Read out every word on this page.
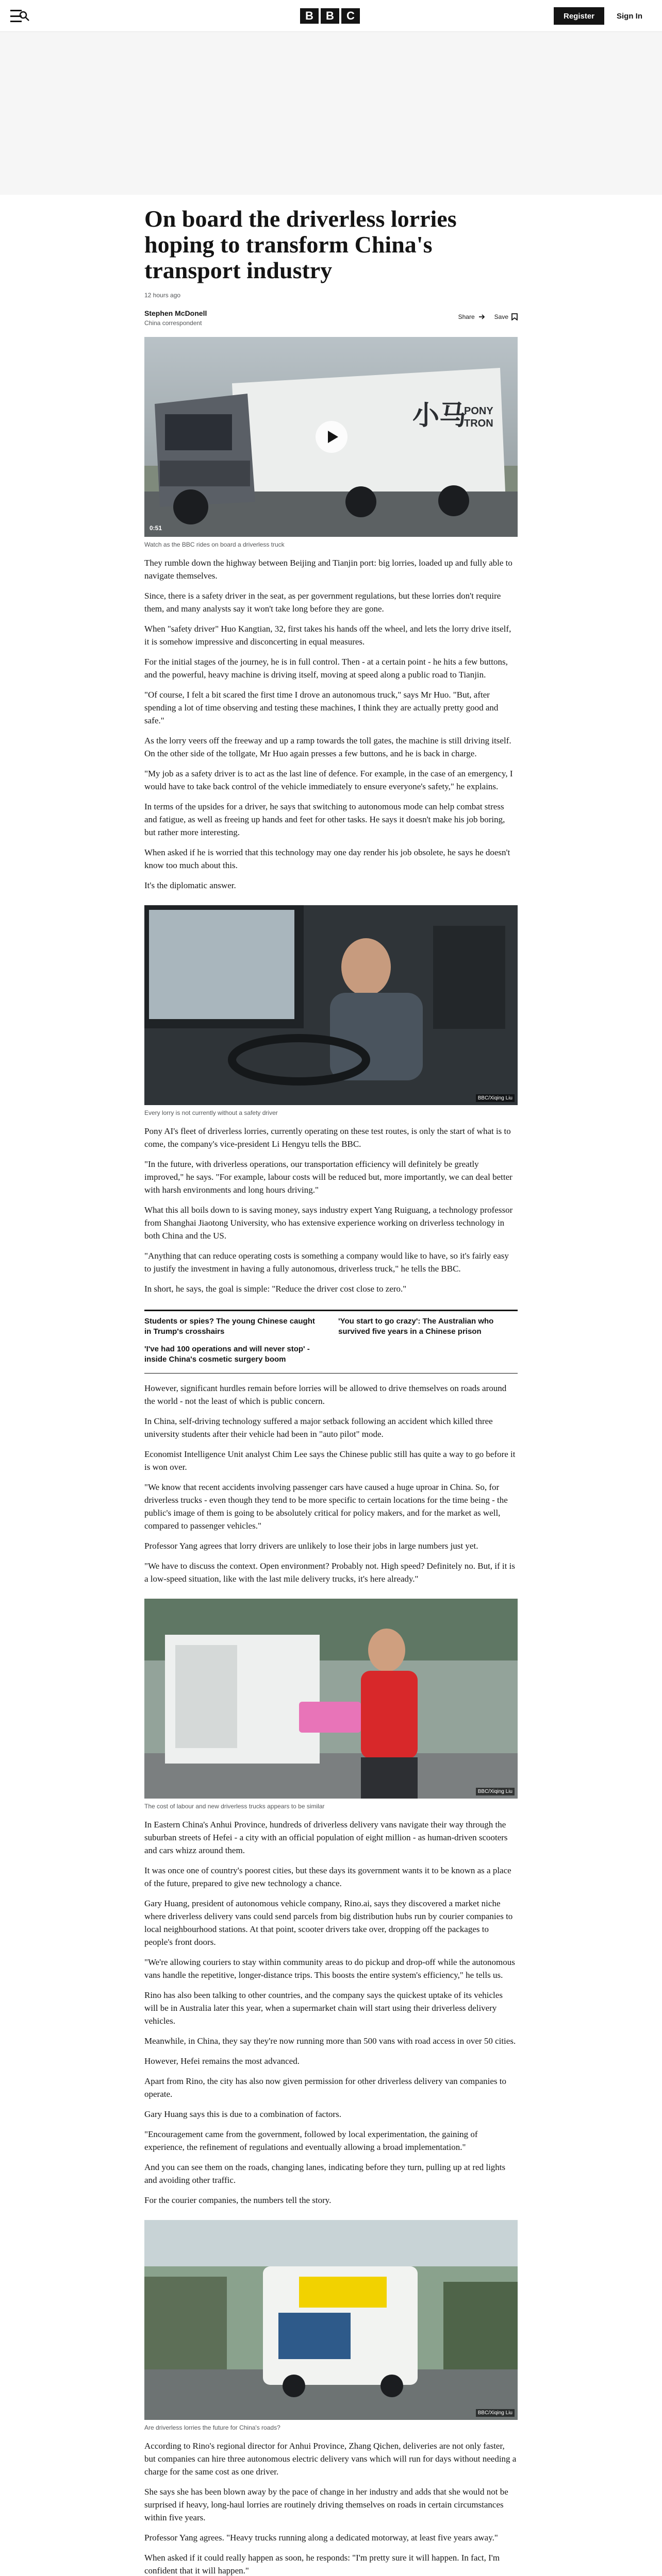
B	B	C	Register	Sign In
On board the driverless lorries hoping to transform China's transport industry
12 hours ago
Stephen McDonell
China correspondent
Share	Save
小马
PONY
TRON
0:51
Watch as the BBC rides on board a driverless truck

They rumble down the highway between Beijing and Tianjin port: big lorries, loaded up and fully able to navigate themselves.

Since, there is a safety driver in the seat, as per government regulations, but these lorries don't require them, and many analysts say it won't take long before they are gone.

When "safety driver" Huo Kangtian, 32, first takes his hands off the wheel, and lets the lorry drive itself, it is somehow impressive and disconcerting in equal measures.

For the initial stages of the journey, he is in full control. Then - at a certain point - he hits a few buttons, and the powerful, heavy machine is driving itself, moving at speed along a public road to Tianjin.

"Of course, I felt a bit scared the first time I drove an autonomous truck," says Mr Huo. "But, after spending a lot of time observing and testing these machines, I think they are actually pretty good and safe."

As the lorry veers off the freeway and up a ramp towards the toll gates, the machine is still driving itself. On the other side of the tollgate, Mr Huo again presses a few buttons, and he is back in charge.

"My job as a safety driver is to act as the last line of defence. For example, in the case of an emergency, I would have to take back control of the vehicle immediately to ensure everyone's safety," he explains.

In terms of the upsides for a driver, he says that switching to autonomous mode can help combat stress and fatigue, as well as freeing up hands and feet for other tasks. He says it doesn't make his job boring, but rather more interesting.

When asked if he is worried that this technology may one day render his job obsolete, he says he doesn't know too much about this.

It's the diplomatic answer.

BBC/Xiqing Liu
Every lorry is not currently without a safety driver

Pony AI's fleet of driverless lorries, currently operating on these test routes, is only the start of what is to come, the company's vice-president Li Hengyu tells the BBC.

"In the future, with driverless operations, our transportation efficiency will definitely be greatly improved," he says. "For example, labour costs will be reduced but, more importantly, we can deal better with harsh environments and long hours driving."

What this all boils down to is saving money, says industry expert Yang Ruiguang, a technology professor from Shanghai Jiaotong University, who has extensive experience working on driverless technology in both China and the US.

"Anything that can reduce operating costs is something a company would like to have, so it's fairly easy to justify the investment in having a fully autonomous, driverless truck," he tells the BBC.

In short, he says, the goal is simple: "Reduce the driver cost close to zero."

Students or spies? The young Chinese caught in Trump's crosshairs
'You start to go crazy': The Australian who survived five years in a Chinese prison
'I've had 100 operations and will never stop' - inside China's cosmetic surgery boom

However, significant hurdles remain before lorries will be allowed to drive themselves on roads around the world - not the least of which is public concern.

In China, self-driving technology suffered a major setback following an accident which killed three university students after their vehicle had been in "auto pilot" mode.

Economist Intelligence Unit analyst Chim Lee says the Chinese public still has quite a way to go before it is won over.

"We know that recent accidents involving passenger cars have caused a huge uproar in China. So, for driverless trucks - even though they tend to be more specific to certain locations for the time being - the public's image of them is going to be absolutely critical for policy makers, and for the market as well, compared to passenger vehicles."

Professor Yang agrees that lorry drivers are unlikely to lose their jobs in large numbers just yet.

"We have to discuss the context. Open environment? Probably not. High speed? Definitely no. But, if it is a low-speed situation, like with the last mile delivery trucks, it's here already."

BBC/Xiqing Liu
The cost of labour and new driverless trucks appears to be similar

In Eastern China's Anhui Province, hundreds of driverless delivery vans navigate their way through the suburban streets of Hefei - a city with an official population of eight million - as human-driven scooters and cars whizz around them.

It was once one of country's poorest cities, but these days its government wants it to be known as a place of the future, prepared to give new technology a chance.

Gary Huang, president of autonomous vehicle company, Rino.ai, says they discovered a market niche where driverless delivery vans could send parcels from big distribution hubs run by courier companies to local neighbourhood stations. At that point, scooter drivers take over, dropping off the packages to people's front doors.

"We're allowing couriers to stay within community areas to do pickup and drop-off while the autonomous vans handle the repetitive, longer-distance trips. This boosts the entire system's efficiency," he tells us.

Rino has also been talking to other countries, and the company says the quickest uptake of its vehicles will be in Australia later this year, when a supermarket chain will start using their driverless delivery vehicles.

Meanwhile, in China, they say they're now running more than 500 vans with road access in over 50 cities.

However, Hefei remains the most advanced.

Apart from Rino, the city has also now given permission for other driverless delivery van companies to operate.

Gary Huang says this is due to a combination of factors.

"Encouragement came from the government, followed by local experimentation, the gaining of experience, the refinement of regulations and eventually allowing a broad implementation."

And you can see them on the roads, changing lanes, indicating before they turn, pulling up at red lights and avoiding other traffic.

For the courier companies, the numbers tell the story.

BBC/Xiqing Liu
Are driverless lorries the future for China's roads?

According to Rino's regional director for Anhui Province, Zhang Qichen, deliveries are not only faster, but companies can hire three autonomous electric delivery vans which will run for days without needing a charge for the same cost as one driver.

She says she has been blown away by the pace of change in her industry and adds that she would not be surprised if heavy, long-haul lorries are routinely driving themselves on roads in certain circumstances within five years.

Professor Yang agrees. "Heavy trucks running along a dedicated motorway, at least five years away."

When asked if it could really happen as soon, he responds: "I'm pretty sure it will happen. In fact, I'm confident that it will happen."
